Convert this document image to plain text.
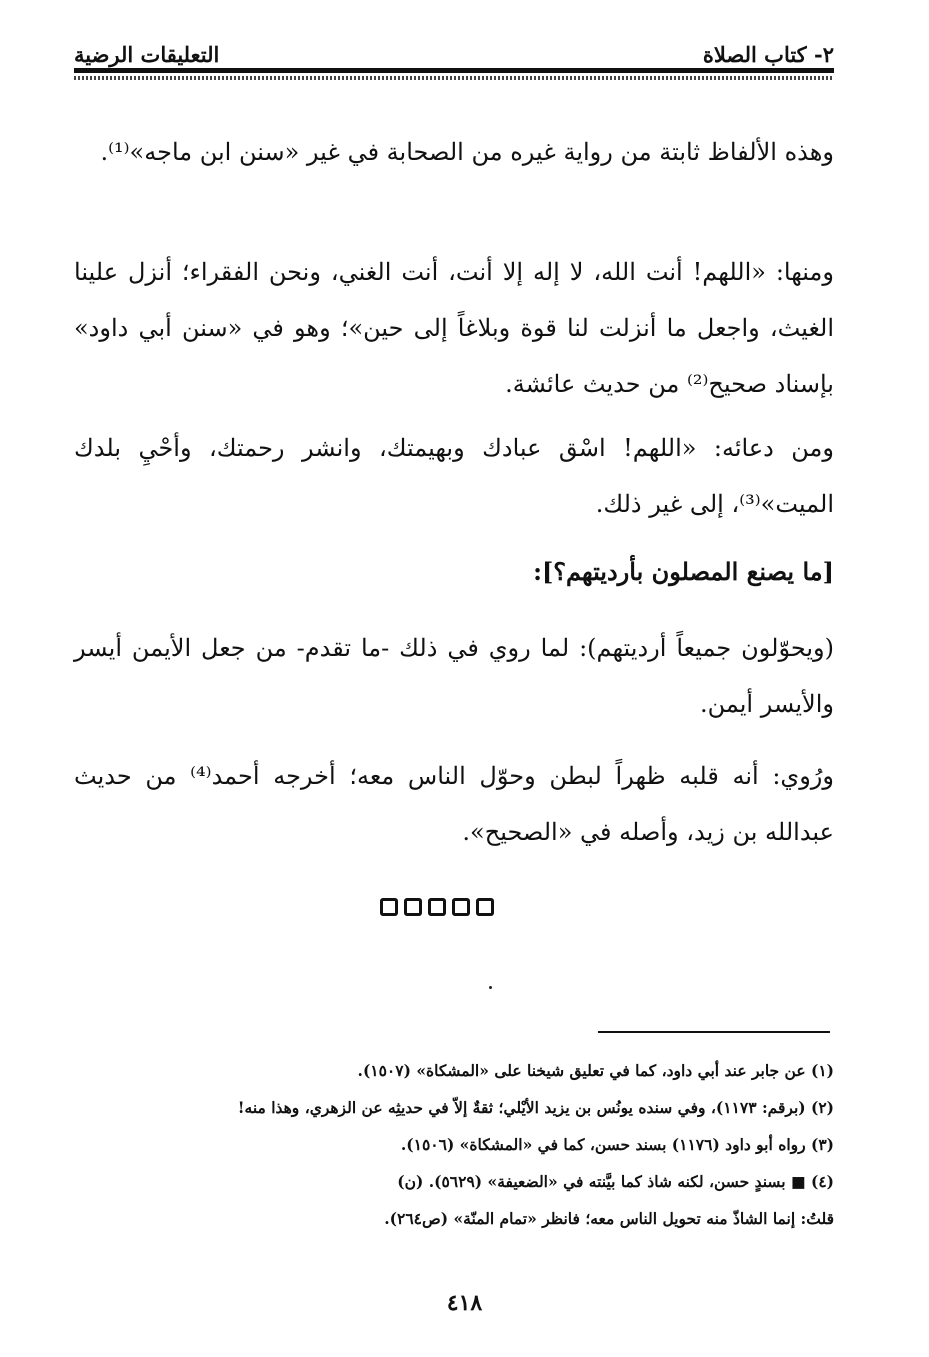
٢- كتاب الصلاة
التعليقات الرضية

وهذه الألفاظ ثابتة من رواية غيره من الصحابة في غير «سنن ابن ماجه»⁽¹⁾.

ومنها: «اللهم! أنت الله، لا إله إلا أنت، أنت الغني، ونحن الفقراء؛ أنزل علينا الغيث، واجعل ما أنزلت لنا قوة وبلاغاً إلى حين»؛ وهو في «سنن أبي داود» بإسناد صحيح⁽²⁾ من حديث عائشة.

ومن دعائه: «اللهم! اسْق عبادك وبهيمتك، وانشر رحمتك، وأحْيِ بلدك الميت»⁽³⁾، إلى غير ذلك.

[ما يصنع المصلون بأرديتهم؟]:

(ويحوّلون جميعاً أرديتهم): لما روي في ذلك -ما تقدم- من جعل الأيمن أيسر والأيسر أيمن.

ورُوي: أنه قلبه ظهراً لبطن وحوّل الناس معه؛ أخرجه أحمد⁽⁴⁾ من حديث عبدالله بن زيد، وأصله في «الصحيح».

(١) عن جابر عند أبي داود، كما في تعليق شيخنا على «المشكاة» (١٥٠٧).

(٢) (برقم: ١١٧٣)، وفي سنده يونُس بن يزيد الأيْلي؛ ثقةٌ إلاّ في حديثِه عن الزهري، وهذا منه!

(٣) رواه أبو داود (١١٧٦) بسند حسن، كما في «المشكاة» (١٥٠٦).

(٤) ■ بسندٍ حسن، لكنه شاذ كما بيَّنته في «الضعيفة» (٥٦٢٩). (ن)

قلتُ: إنما الشاذّ منه تحويل الناس معه؛ فانظر «تمام المنّة» (ص٢٦٤).

٤١٨
